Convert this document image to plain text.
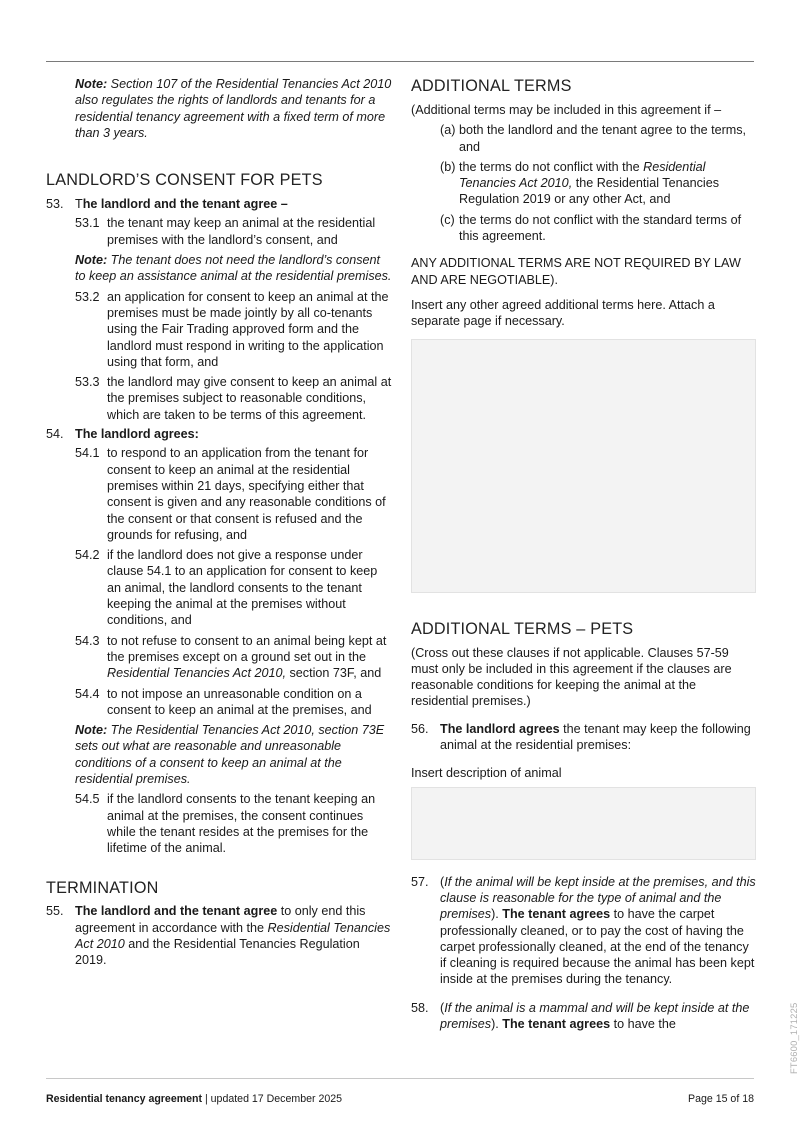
Note: Section 107 of the Residential Tenancies Act 2010 also regulates the rights of landlords and tenants for a residential tenancy agreement with a fixed term of more than 3 years.

LANDLORD’S CONSENT FOR PETS
53. The landlord and the tenant agree –
53.1 the tenant may keep an animal at the residential premises with the landlord’s consent, and

Note: The tenant does not need the landlord’s consent to keep an assistance animal at the residential premises.

53.2 an application for consent to keep an animal at the premises must be made jointly by all co-tenants using the Fair Trading approved form and the landlord must respond in writing to the application using that form, and
53.3 the landlord may give consent to keep an animal at the premises subject to reasonable conditions, which are taken to be terms of this agreement.
54. The landlord agrees:
54.1 to respond to an application from the tenant for consent to keep an animal at the residential premises within 21 days, specifying either that consent is given and any reasonable conditions of the consent or that consent is refused and the grounds for refusing, and
54.2 if the landlord does not give a response under clause 54.1 to an application for consent to keep an animal, the landlord consents to the tenant keeping the animal at the premises without conditions, and
54.3 to not refuse to consent to an animal being kept at the premises except on a ground set out in the Residential Tenancies Act 2010, section 73F, and
54.4 to not impose an unreasonable condition on a consent to keep an animal at the premises, and

Note: The Residential Tenancies Act 2010, section 73E sets out what are reasonable and unreasonable conditions of a consent to keep an animal at the residential premises.

54.5 if the landlord consents to the tenant keeping an animal at the premises, the consent continues while the tenant resides at the premises for the lifetime of the animal.
TERMINATION
55. The landlord and the tenant agree to only end this agreement in accordance with the Residential Tenancies Act 2010 and the Residential Tenancies Regulation 2019.
ADDITIONAL TERMS

(Additional terms may be included in this agreement if –

(a) both the landlord and the tenant agree to the terms, and
(b) the terms do not conflict with the Residential Tenancies Act 2010, the Residential Tenancies Regulation 2019 or any other Act, and
(c) the terms do not conflict with the standard terms of this agreement.

ANY ADDITIONAL TERMS ARE NOT REQUIRED BY LAW AND ARE NEGOTIABLE).

Insert any other agreed additional terms here. Attach a separate page if necessary.

ADDITIONAL TERMS – PETS

(Cross out these clauses if not applicable. Clauses 57-59 must only be included in this agreement if the clauses are reasonable conditions for keeping the animal at the residential premises.)

56. The landlord agrees the tenant may keep the following animal at the residential premises:

Insert description of animal

57. (If the animal will be kept inside at the premises, and this clause is reasonable for the type of animal and the premises). The tenant agrees to have the carpet professionally cleaned, or to pay the cost of having the carpet professionally cleaned, at the end of the tenancy if cleaning is required because the animal has been kept inside at the premises during the tenancy.
58. (If the animal is a mammal and will be kept inside at the premises). The tenant agrees to have the
Residential tenancy agreement | updated 17 December 2025	Page 15 of 18
FT6600_171225
